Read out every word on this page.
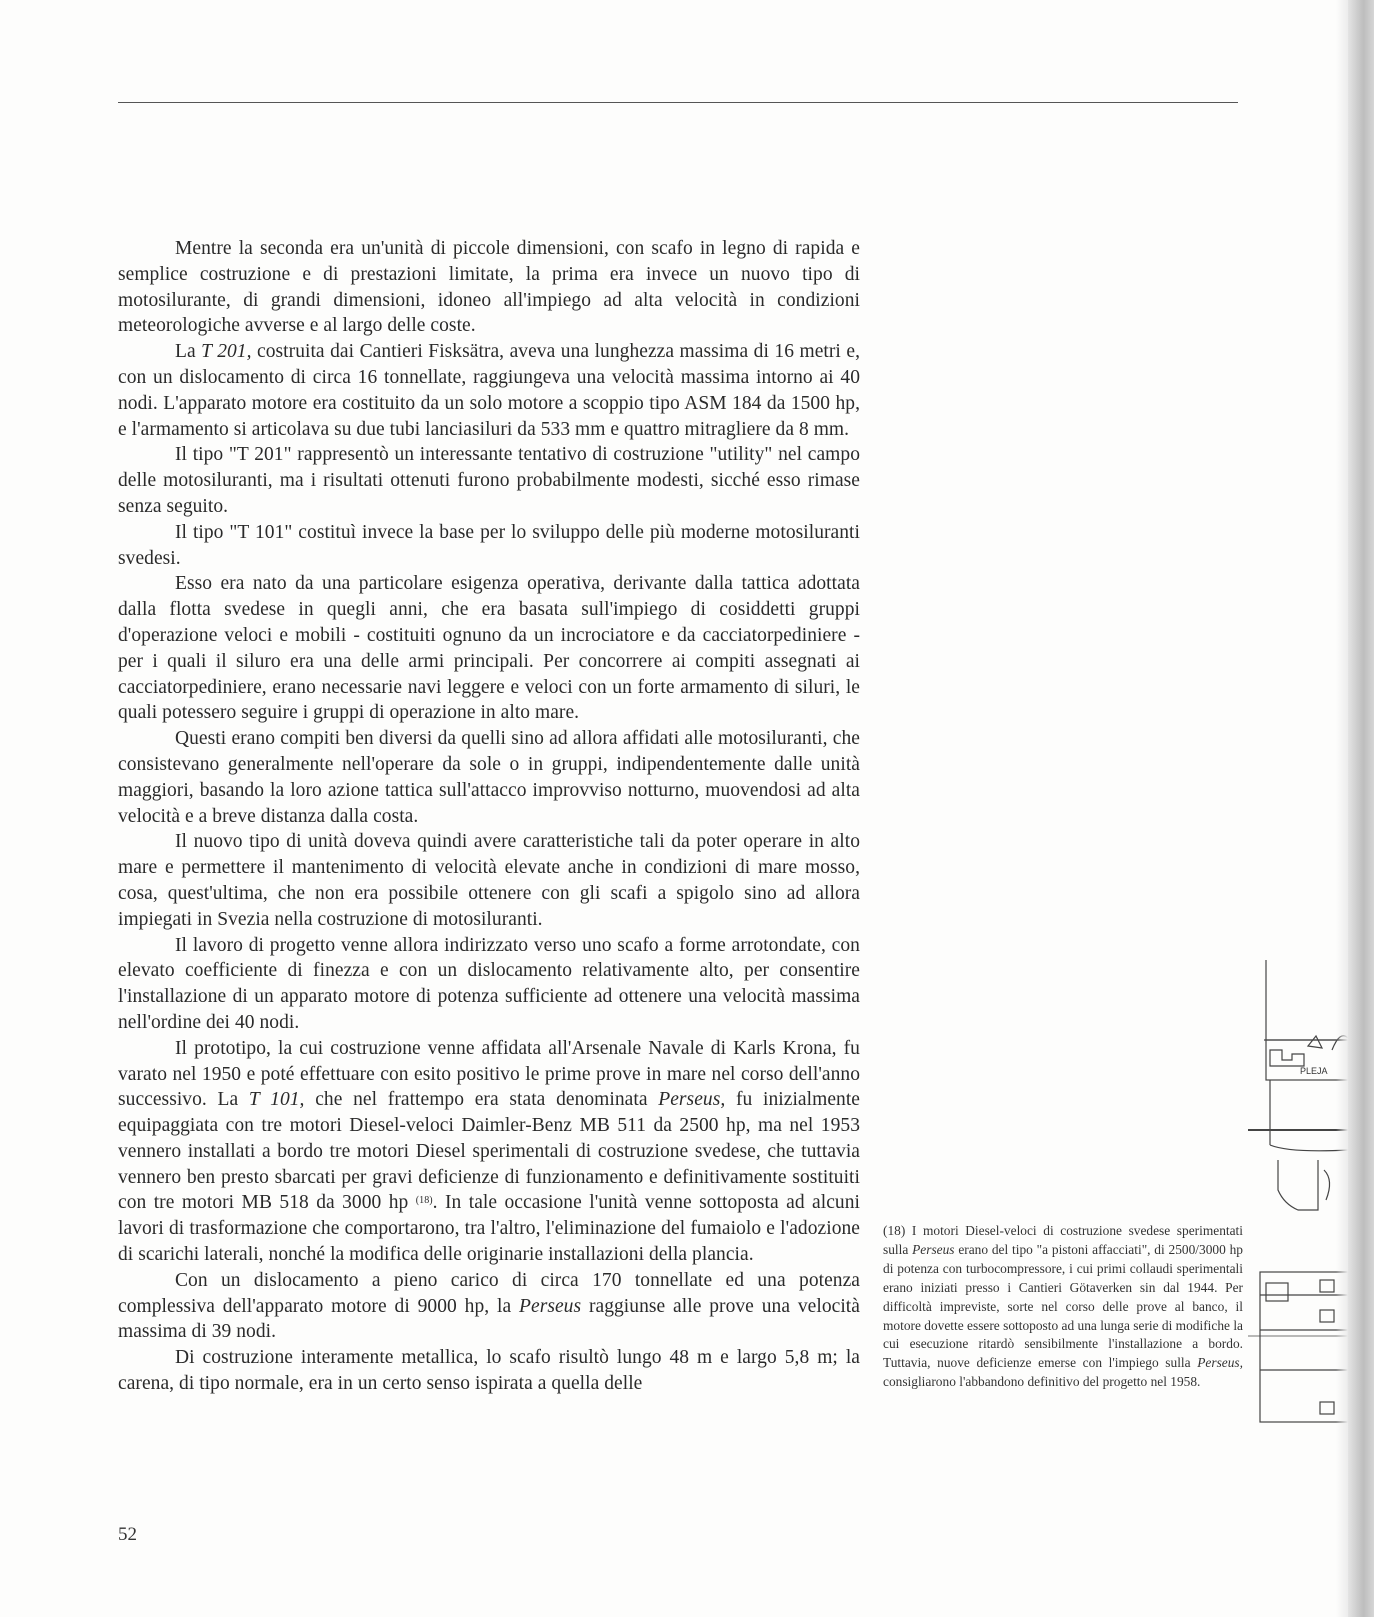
Mentre la seconda era un'unità di piccole dimensioni, con scafo in legno di rapida e semplice costruzione e di prestazioni limitate, la prima era invece un nuovo tipo di motosilurante, di grandi dimensioni, idoneo all'impiego ad alta velocità in condizioni meteorologiche avverse e al largo delle coste.

La T 201, costruita dai Cantieri Fisksätra, aveva una lunghezza massima di 16 metri e, con un dislocamento di circa 16 tonnellate, raggiungeva una velocità massima intorno ai 40 nodi. L'apparato motore era costituito da un solo motore a scoppio tipo ASM 184 da 1500 hp, e l'armamento si articolava su due tubi lanciasiluri da 533 mm e quattro mitragliere da 8 mm.

Il tipo "T 201" rappresentò un interessante tentativo di costruzione "utility" nel campo delle motosiluranti, ma i risultati ottenuti furono probabilmente modesti, sicché esso rimase senza seguito.

Il tipo "T 101" costituì invece la base per lo sviluppo delle più moderne motosiluranti svedesi.

Esso era nato da una particolare esigenza operativa, derivante dalla tattica adottata dalla flotta svedese in quegli anni, che era basata sull'impiego di cosiddetti gruppi d'operazione veloci e mobili - costituiti ognuno da un incrociatore e da cacciatorpediniere - per i quali il siluro era una delle armi principali. Per concorrere ai compiti assegnati ai cacciatorpediniere, erano necessarie navi leggere e veloci con un forte armamento di siluri, le quali potessero seguire i gruppi di operazione in alto mare.

Questi erano compiti ben diversi da quelli sino ad allora affidati alle motosiluranti, che consistevano generalmente nell'operare da sole o in gruppi, indipendentemente dalle unità maggiori, basando la loro azione tattica sull'attacco improvviso notturno, muovendosi ad alta velocità e a breve distanza dalla costa.

Il nuovo tipo di unità doveva quindi avere caratteristiche tali da poter operare in alto mare e permettere il mantenimento di velocità elevate anche in condizioni di mare mosso, cosa, quest'ultima, che non era possibile ottenere con gli scafi a spigolo sino ad allora impiegati in Svezia nella costruzione di motosiluranti.

Il lavoro di progetto venne allora indirizzato verso uno scafo a forme arrotondate, con elevato coefficiente di finezza e con un dislocamento relativamente alto, per consentire l'installazione di un apparato motore di potenza sufficiente ad ottenere una velocità massima nell'ordine dei 40 nodi.

Il prototipo, la cui costruzione venne affidata all'Arsenale Navale di Karls Krona, fu varato nel 1950 e poté effettuare con esito positivo le prime prove in mare nel corso dell'anno successivo. La T 101, che nel frattempo era stata denominata Perseus, fu inizialmente equipaggiata con tre motori Diesel-veloci Daimler-Benz MB 511 da 2500 hp, ma nel 1953 vennero installati a bordo tre motori Diesel sperimentali di costruzione svedese, che tuttavia vennero ben presto sbarcati per gravi deficienze di funzionamento e definitivamente sostituiti con tre motori MB 518 da 3000 hp $^{(18)}$. In tale occasione l'unità venne sottoposta ad alcuni lavori di trasformazione che comportarono, tra l'altro, l'eliminazione del fumaiolo e l'adozione di scarichi laterali, nonché la modifica delle originarie installazioni della plancia.

Con un dislocamento a pieno carico di circa 170 tonnellate ed una potenza complessiva dell'apparato motore di 9000 hp, la Perseus raggiunse alle prove una velocità massima di 39 nodi.

Di costruzione interamente metallica, lo scafo risultò lungo 48 m e largo 5,8 m; la carena, di tipo normale, era in un certo senso ispirata a quella delle

(18) I motori Diesel-veloci di costruzione svedese sperimentati sulla Perseus erano del tipo "a pistoni affacciati", di 2500/3000 hp di potenza con turbocompressore, i cui primi collaudi sperimentali erano iniziati presso i Cantieri Götaverken sin dal 1944. Per difficoltà impreviste, sorte nel corso delle prove al banco, il motore dovette essere sottoposto ad una lunga serie di modifiche la cui esecuzione ritardò sensibilmente l'installazione a bordo. Tuttavia, nuove deficienze emerse con l'impiego sulla Perseus, consigliarono l'abbandono definitivo del progetto nel 1958.

52
PLEJA
